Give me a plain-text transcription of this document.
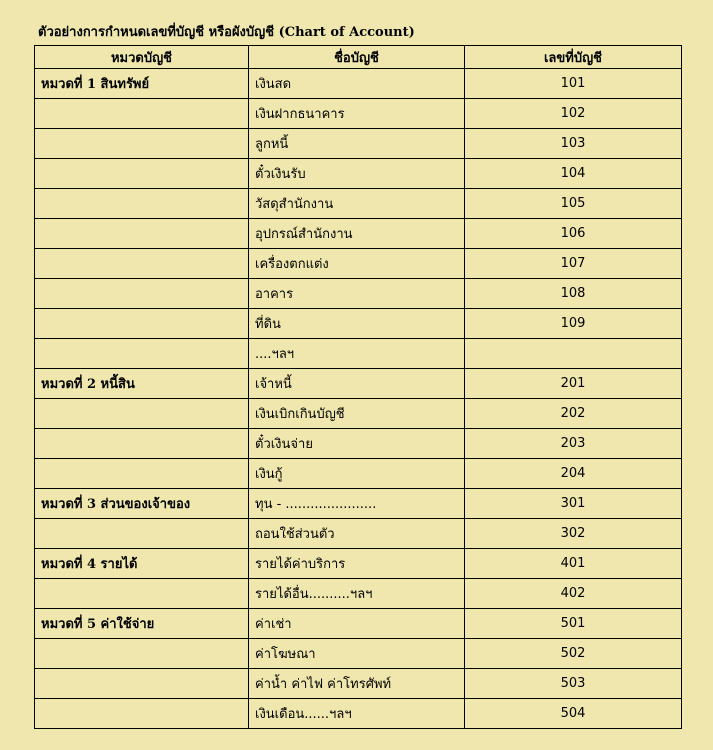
ตัวอย่างการกำหนดเลขที่บัญชี หรือผังบัญชี (Chart of Account)
หมวดบัญชี	ชื่อบัญชี	เลขที่บัญชี
หมวดที่ 1 สินทรัพย์	เงินสด	101
	เงินฝากธนาคาร	102
	ลูกหนี้	103
	ตั๋วเงินรับ	104
	วัสดุสำนักงาน	105
	อุปกรณ์สำนักงาน	106
	เครื่องตกแต่ง	107
	อาคาร	108
	ที่ดิน	109
	....ฯลฯ	
หมวดที่ 2 หนี้สิน	เจ้าหนี้	201
	เงินเบิกเกินบัญชี	202
	ตั๋วเงินจ่าย	203
	เงินกู้	204
หมวดที่ 3 ส่วนของเจ้าของ	ทุน - ......................	301
	ถอนใช้ส่วนตัว	302
หมวดที่ 4 รายได้	รายได้ค่าบริการ	401
	รายได้อื่น..........ฯลฯ	402
หมวดที่ 5 ค่าใช้จ่าย	ค่าเช่า	501
	ค่าโฆษณา	502
	ค่าน้ำ ค่าไฟ ค่าโทรศัพท์	503
	เงินเดือน......ฯลฯ	504
